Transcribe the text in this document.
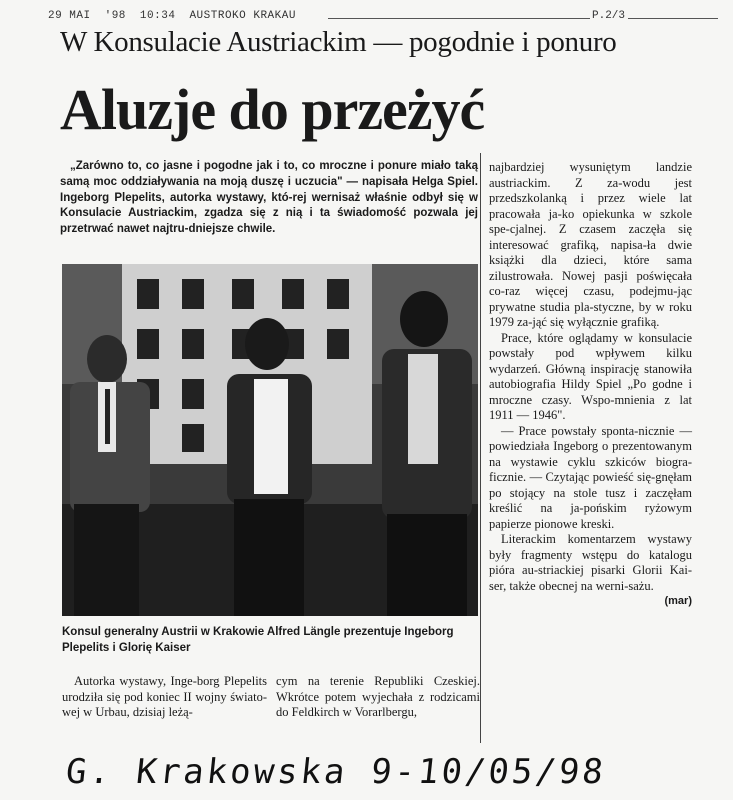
29 MAI '98 10:34 AUSTROKO KRAKAU	P.2/3
W Konsulacie Austriackim — pogodnie i ponuro
Aluzje do przeżyć

„Zarówno to, co jasne i pogodne jak i to, co mroczne i ponure miało taką samą moc oddziaływania na moją duszę i uczucia" — napisała Helga Spiel. Ingeborg Plepelits, autorka wystawy, któ-rej wernisaż właśnie odbył się w Konsulacie Austriackim, zgadza się z nią i ta świadomość pozwala jej przetrwać nawet najtru-dniejsze chwile.

Konsul generalny Austrii w Krakowie Alfred Längle prezentuje Ingeborg Plepelits i Glorię Kaiser

Autorka wystawy, Inge-borg Plepelits urodziła się pod koniec II wojny świato-wej w Urbau, dzisiaj leżą-

cym na terenie Republiki Czeskiej. Wkrótce potem wyjechała z rodzicami do Feldkirch w Vorarlbergu,

najbardziej wysuniętym landzie austriackim. Z za-wodu jest przedszkolanką i przez wiele lat pracowała ja-ko opiekunka w szkole spe-cjalnej. Z czasem zaczęła się interesować grafiką, napisa-ła dwie książki dla dzieci, które sama zilustrowała. Nowej pasji poświęcała co-raz więcej czasu, podejmu-jąc prywatne studia pla-styczne, by w roku 1979 za-jąć się wyłącznie grafiką.

Prace, które oglądamy w konsulacie powstały pod wpływem kilku wydarzeń. Główną inspirację stanowiła autobiografia Hildy Spiel „Po godne i mroczne czasy. Wspo-mnienia z lat 1911 — 1946".

— Prace powstały sponta-nicznie — powiedziała Ingeborg o prezentowanym na wystawie cyklu szkiców biogra-ficznie. — Czytając powieść się-gnęłam po stojący na stole tusz i zaczęłam kreślić na ja-pońskim ryżowym papierze pionowe kreski.

Literackim komentarzem wystawy były fragmenty wstępu do katalogu pióra au-striackiej pisarki Glorii Kai-ser, także obecnej na werni-sażu.

(mar)
G. Krakowska 9-10/05/98
